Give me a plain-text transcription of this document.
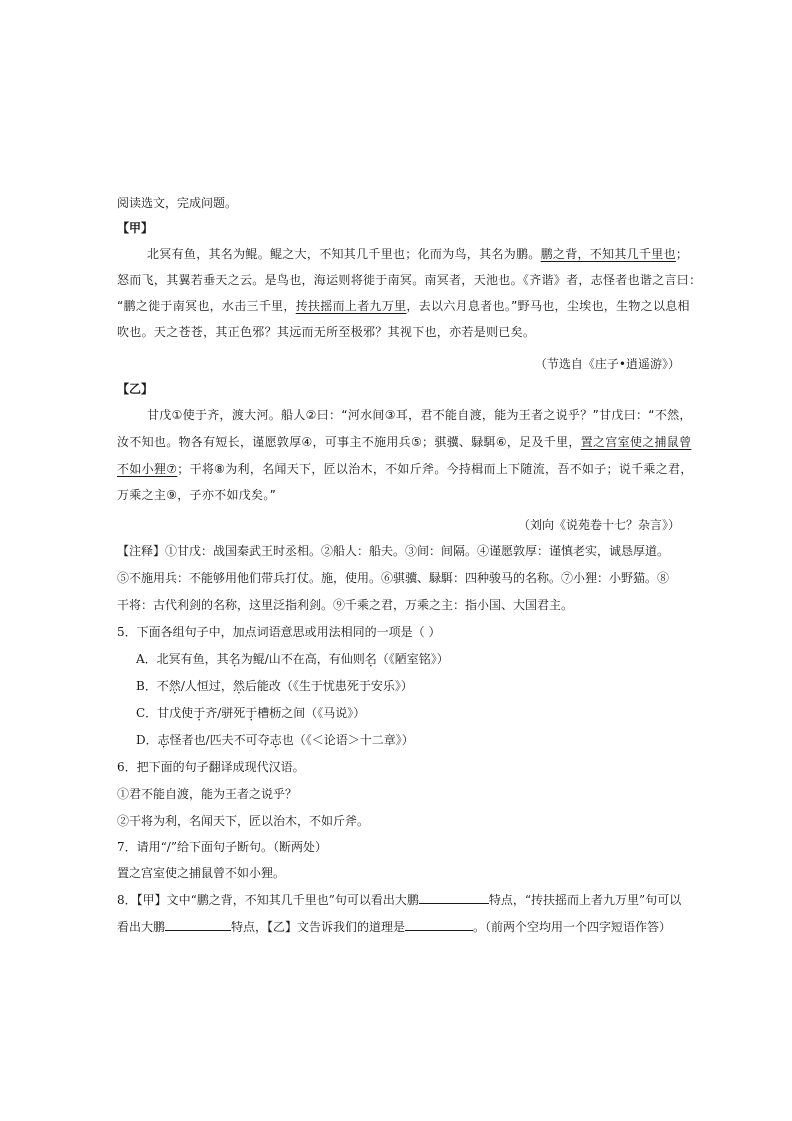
阅读选文，完成问题。
【甲】
北冥有鱼，其名为鲲。鲲之大，不知其几千里也；化而为鸟，其名为鹏。鹏之背，不知其几千里也；
怒而飞，其翼若垂天之云。是鸟也，海运则将徙于南冥。南冥者，天池也。《齐谐》者，志怪者也谐之言曰：
“鹏之徙于南冥也，水击三千里，抟扶摇而上者九万里，去以六月息者也。”野马也，尘埃也，生物之以息相
吹也。天之苍苍，其正色邪？其远而无所至极邪？其视下也，亦若是则已矣。
（节选自《庄子•逍遥游》）
【乙】
甘戊①使于齐，渡大河。船人②曰：“河水间③耳，君不能自渡，能为王者之说乎？”甘戊曰：“不然，
汝不知也。物各有短长，谨愿敦厚④，可事主不施用兵⑤；骐骥、騄駬⑥，足及千里，置之宫室使之捕鼠曾
不如小狸⑦；干将⑧为利，名闻天下，匠以治木，不如斤斧。今持楫而上下随流，吾不如子；说千乘之君，
万乘之主⑨，子亦不如戊矣。”
（刘向《说苑卷十七？杂言》）
【注释】①甘戊：战国秦武王时丞相。②船人：船夫。③间：间隔。④谨愿敦厚：谨慎老实，诚恳厚道。
⑤不施用兵：不能够用他们带兵打仗。施，使用。⑥骐骥、騄駬：四种骏马的名称。⑦小狸：小野猫。⑧
干将：古代利剑的名称，这里泛指利剑。⑨千乘之君，万乘之主：指小国、大国君主。
5．下面各组句子中，加点词语意思或用法相同的一项是（ ）
A．北冥有鱼，其名为鲲/山不在高，有仙则名（《陋室铭》）
B．不然/人恒过，然后能改（《生于忧患死于安乐》）
C．甘戊使于齐/骈死于槽枥之间（《马说》）
D．志怪者也/匹夫不可夺志也（《＜论语＞十二章》）
6．把下面的句子翻译成现代汉语。
①君不能自渡，能为王者之说乎？
②干将为利，名闻天下，匠以治木，不如斤斧。
7．请用“/”给下面句子断句。（断两处）
置之宫室使之捕鼠曾不如小狸。
8．【甲】文中“鹏之背，不知其几千里也”句可以看出大鹏	特点，“抟扶摇而上者九万里”句可以
看出大鹏	特点，【乙】文告诉我们的道理是	。（前两个空均用一个四字短语作答）
